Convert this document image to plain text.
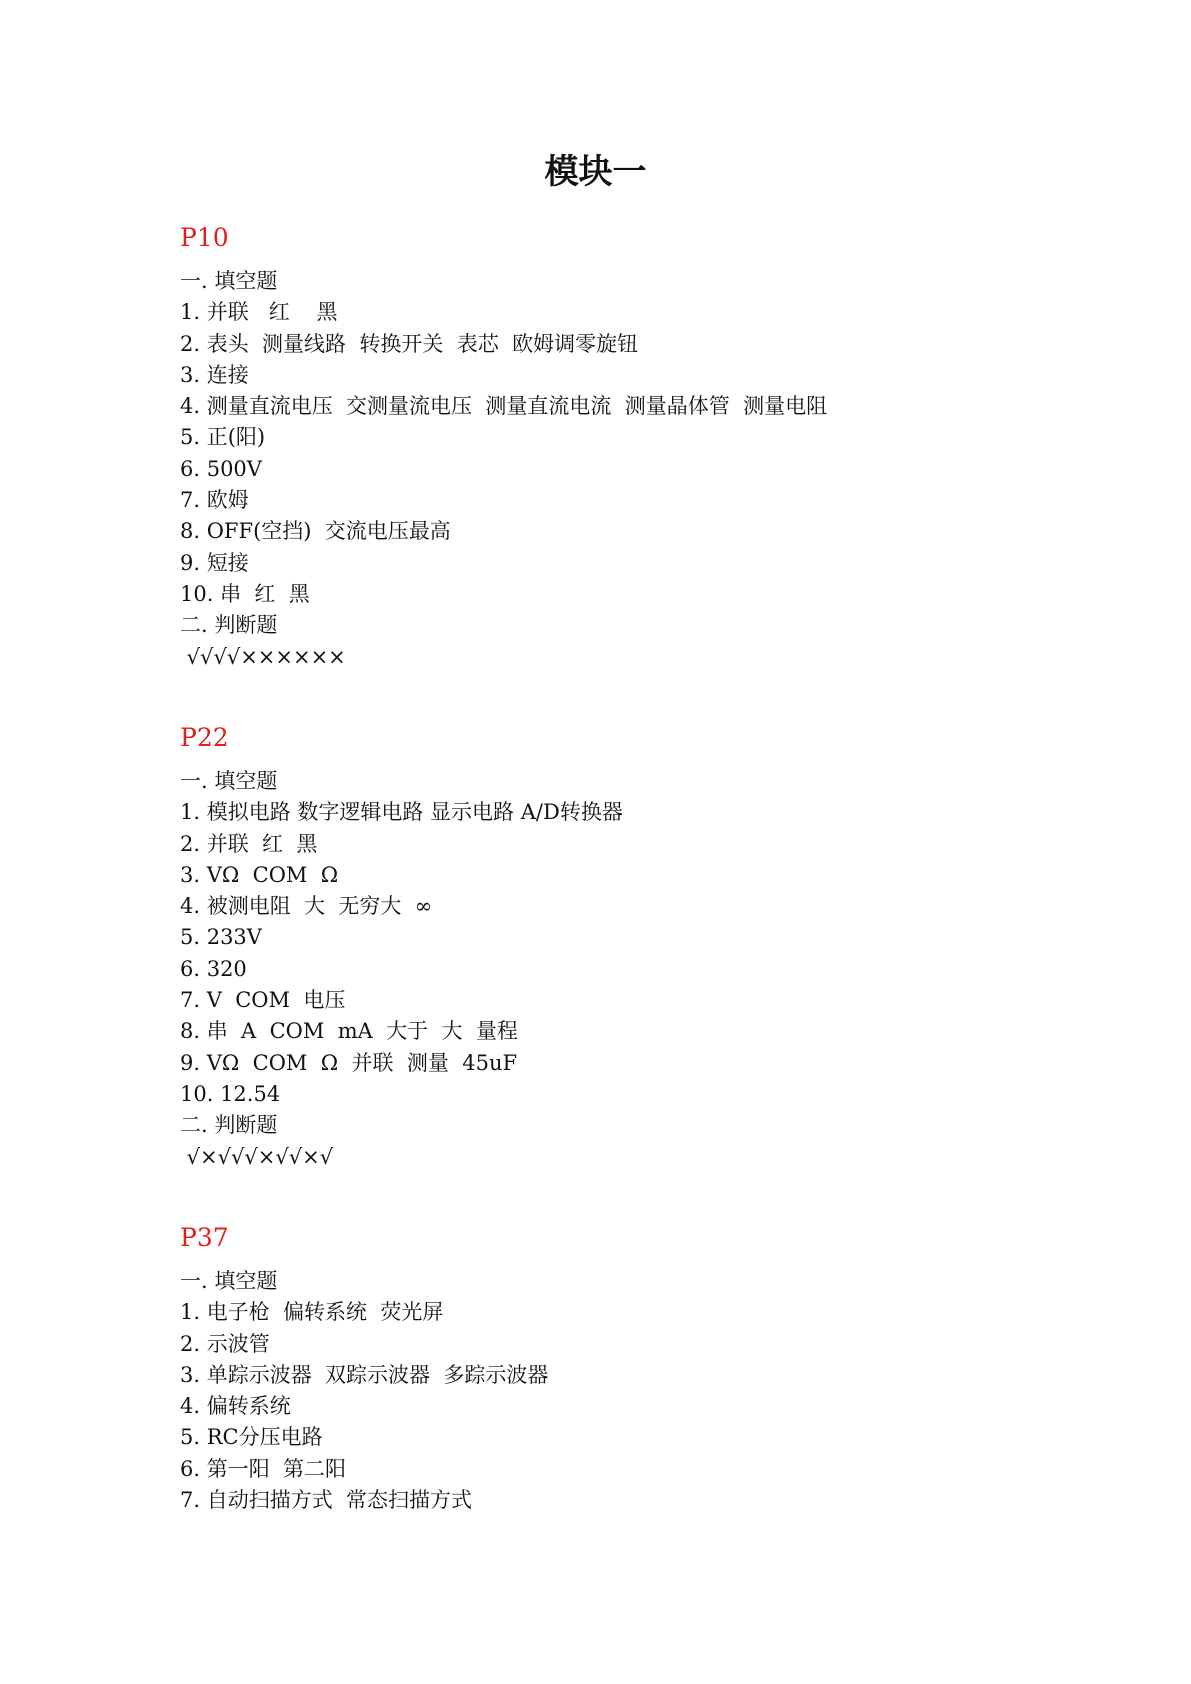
模块一
P10

一. 填空题

1. 并联   红    黑

2. 表头  测量线路  转换开关  表芯  欧姆调零旋钮

3. 连接

4. 测量直流电压  交测量流电压  测量直流电流  测量晶体管  测量电阻

5. 正(阳)

6. 500V

7. 欧姆

8. OFF(空挡)  交流电压最高

9. 短接

10. 串  红  黑

二. 判断题

√√√√××××××

P22

一. 填空题

1. 模拟电路 数字逻辑电路 显示电路 A/D转换器

2. 并联  红  黑

3. VΩ  COM  Ω

4. 被测电阻  大  无穷大  ∞

5. 233V

6. 320

7. V  COM  电压

8. 串  A  COM  mA  大于  大  量程

9. VΩ  COM  Ω  并联  测量  45uF

10. 12.54

二. 判断题

√×√√√×√√×√

P37

一. 填空题

1. 电子枪  偏转系统  荧光屏

2. 示波管

3. 单踪示波器  双踪示波器  多踪示波器

4. 偏转系统

5. RC分压电路

6. 第一阳  第二阳

7. 自动扫描方式  常态扫描方式
